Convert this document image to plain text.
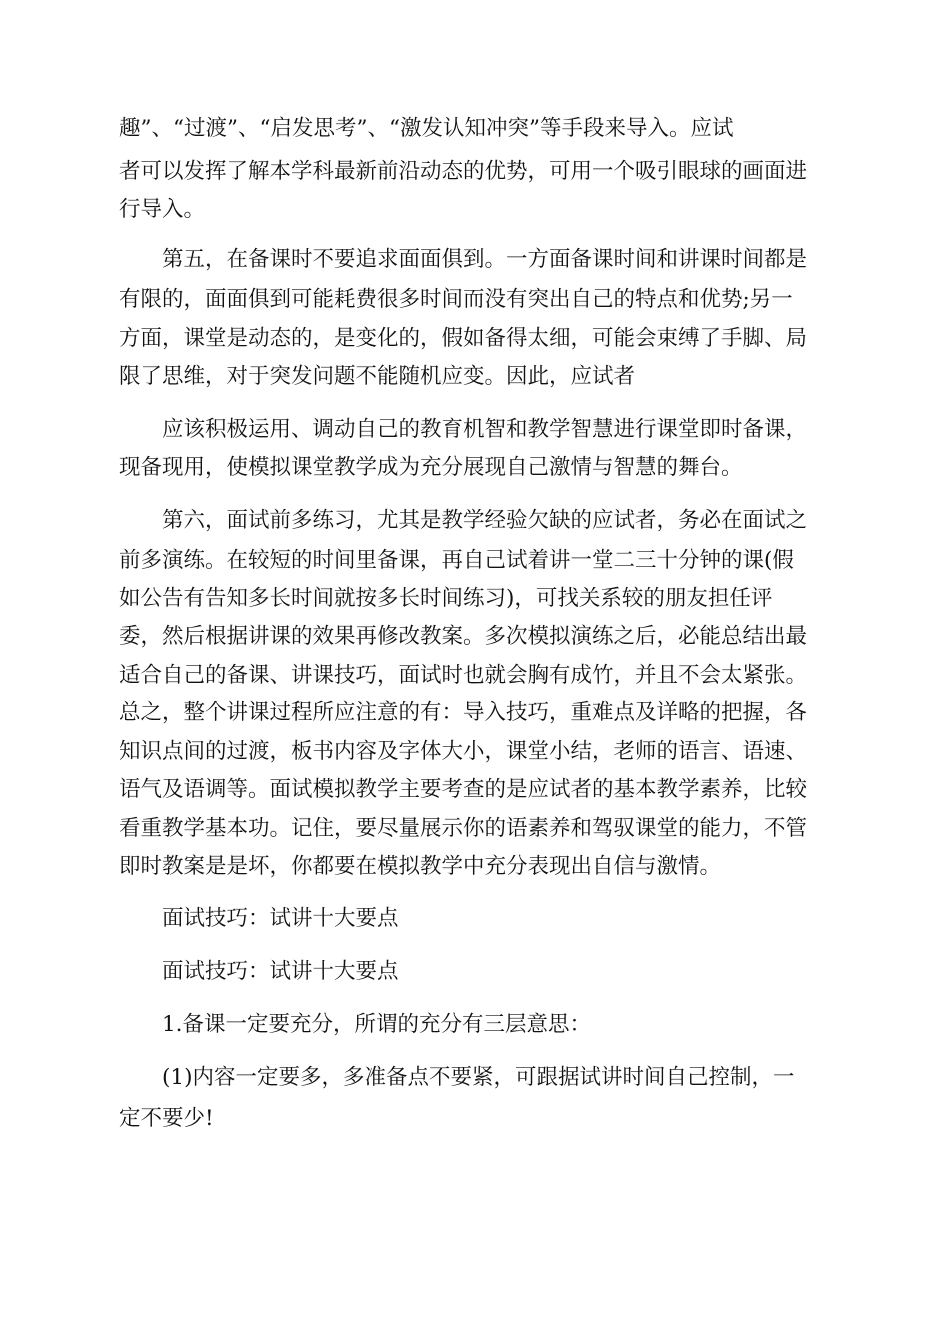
趣”、“过渡”、“启发思考”、“激发认知冲突”等手段来导入。应试
者可以发挥了解本学科最新前沿动态的优势，可用一个吸引眼球的画面进
行导入。
第五，在备课时不要追求面面俱到。一方面备课时间和讲课时间都是
有限的，面面俱到可能耗费很多时间而没有突出自己的特点和优势;另一
方面，课堂是动态的，是变化的，假如备得太细，可能会束缚了手脚、局
限了思维，对于突发问题不能随机应变。因此，应试者
应该积极运用、调动自己的教育机智和教学智慧进行课堂即时备课，
现备现用，使模拟课堂教学成为充分展现自己激情与智慧的舞台。
第六，面试前多练习，尤其是教学经验欠缺的应试者，务必在面试之
前多演练。在较短的时间里备课，再自己试着讲一堂二三十分钟的课(假
如公告有告知多长时间就按多长时间练习)，可找关系较的朋友担任评
委，然后根据讲课的效果再修改教案。多次模拟演练之后，必能总结出最
适合自己的备课、讲课技巧，面试时也就会胸有成竹，并且不会太紧张。
总之，整个讲课过程所应注意的有：导入技巧，重难点及详略的把握，各
知识点间的过渡，板书内容及字体大小，课堂小结，老师的语言、语速、
语气及语调等。面试模拟教学主要考查的是应试者的基本教学素养，比较
看重教学基本功。记住，要尽量展示你的语素养和驾驭课堂的能力，不管
即时教案是是坏，你都要在模拟教学中充分表现出自信与激情。
面试技巧：试讲十大要点
面试技巧：试讲十大要点
1.备课一定要充分，所谓的充分有三层意思：
(1)内容一定要多，多准备点不要紧，可跟据试讲时间自己控制，一
定不要少!
